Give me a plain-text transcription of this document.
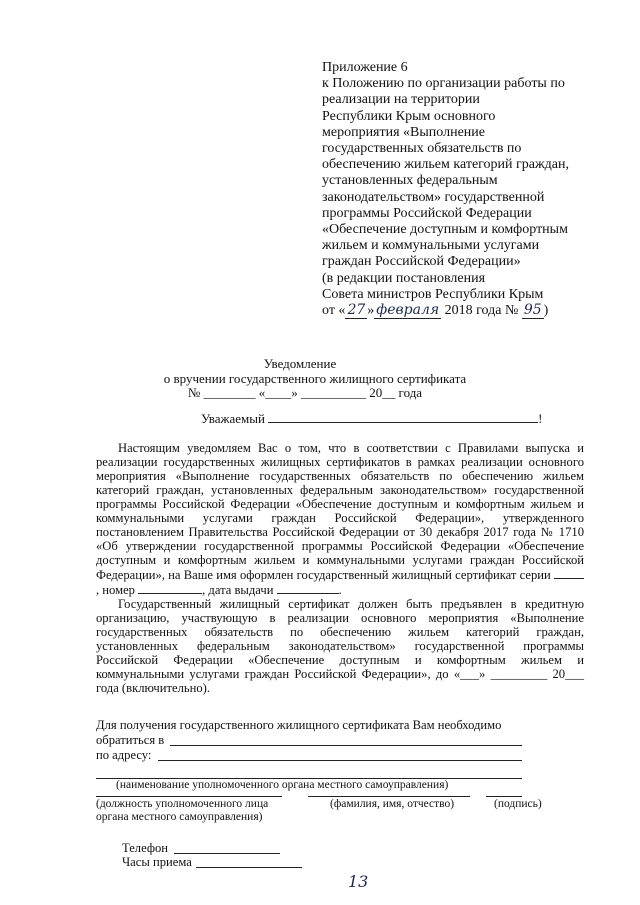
Приложение 6
к Положению по организации работы по
реализации на территории
Республики Крым основного
мероприятия «Выполнение
государственных обязательств по
обеспечению жильем категорий граждан,
установленных федеральным
законодательством» государственной
программы Российской Федерации
«Обеспечение доступным и комфортным
жильем и коммунальными услугами
граждан Российской Федерации»
(в редакции постановления
Совета министров Республики Крым
от « 27 » февраля 2018 года № 95 )
Уведомление
о вручении государственного жилищного сертификата
№ ________ «____» __________ 20__ года
Уважаемый	!

Настоящим уведомляем Вас о том, что в соответствии с Правилами выпуска и реализации государственных жилищных сертификатов в рамках реализации основного мероприятия «Выполнение государственных обязательств по обеспечению жильем категорий граждан, установленных федеральным законодательством» государственной программы Российской Федерации «Обеспечение доступным и комфортным жильем и коммунальными услугами граждан Российской Федерации», утвержденного постановлением Правительства Российской Федерации от 30 декабря 2017 года № 1710 «Об утверждении государственной программы Российской Федерации «Обеспечение доступным и комфортным жильем и коммунальными услугами граждан Российской Федерации», на Ваше имя оформлен государственный жилищный сертификат серии , номер	, дата выдачи	.

Государственный жилищный сертификат должен быть предъявлен в кредитную организацию, участвующую в реализации основного мероприятия «Выполнение государственных обязательств по обеспечению жильем категорий граждан, установленных федеральным законодательством» государственной программы Российской Федерации «Обеспечение доступным и комфортным жильем и коммунальными услугами граждан Российской Федерации», до «___» _________ 20___ года (включительно).

Для получения государственного жилищного сертификата Вам необходимо
обратиться в
по адресу:
(наименование уполномоченного органа местного самоуправления)
(должность уполномоченного лица
органа местного самоуправления)
(фамилия, имя, отчество)	(подпись)
Телефон
Часы приема
13
